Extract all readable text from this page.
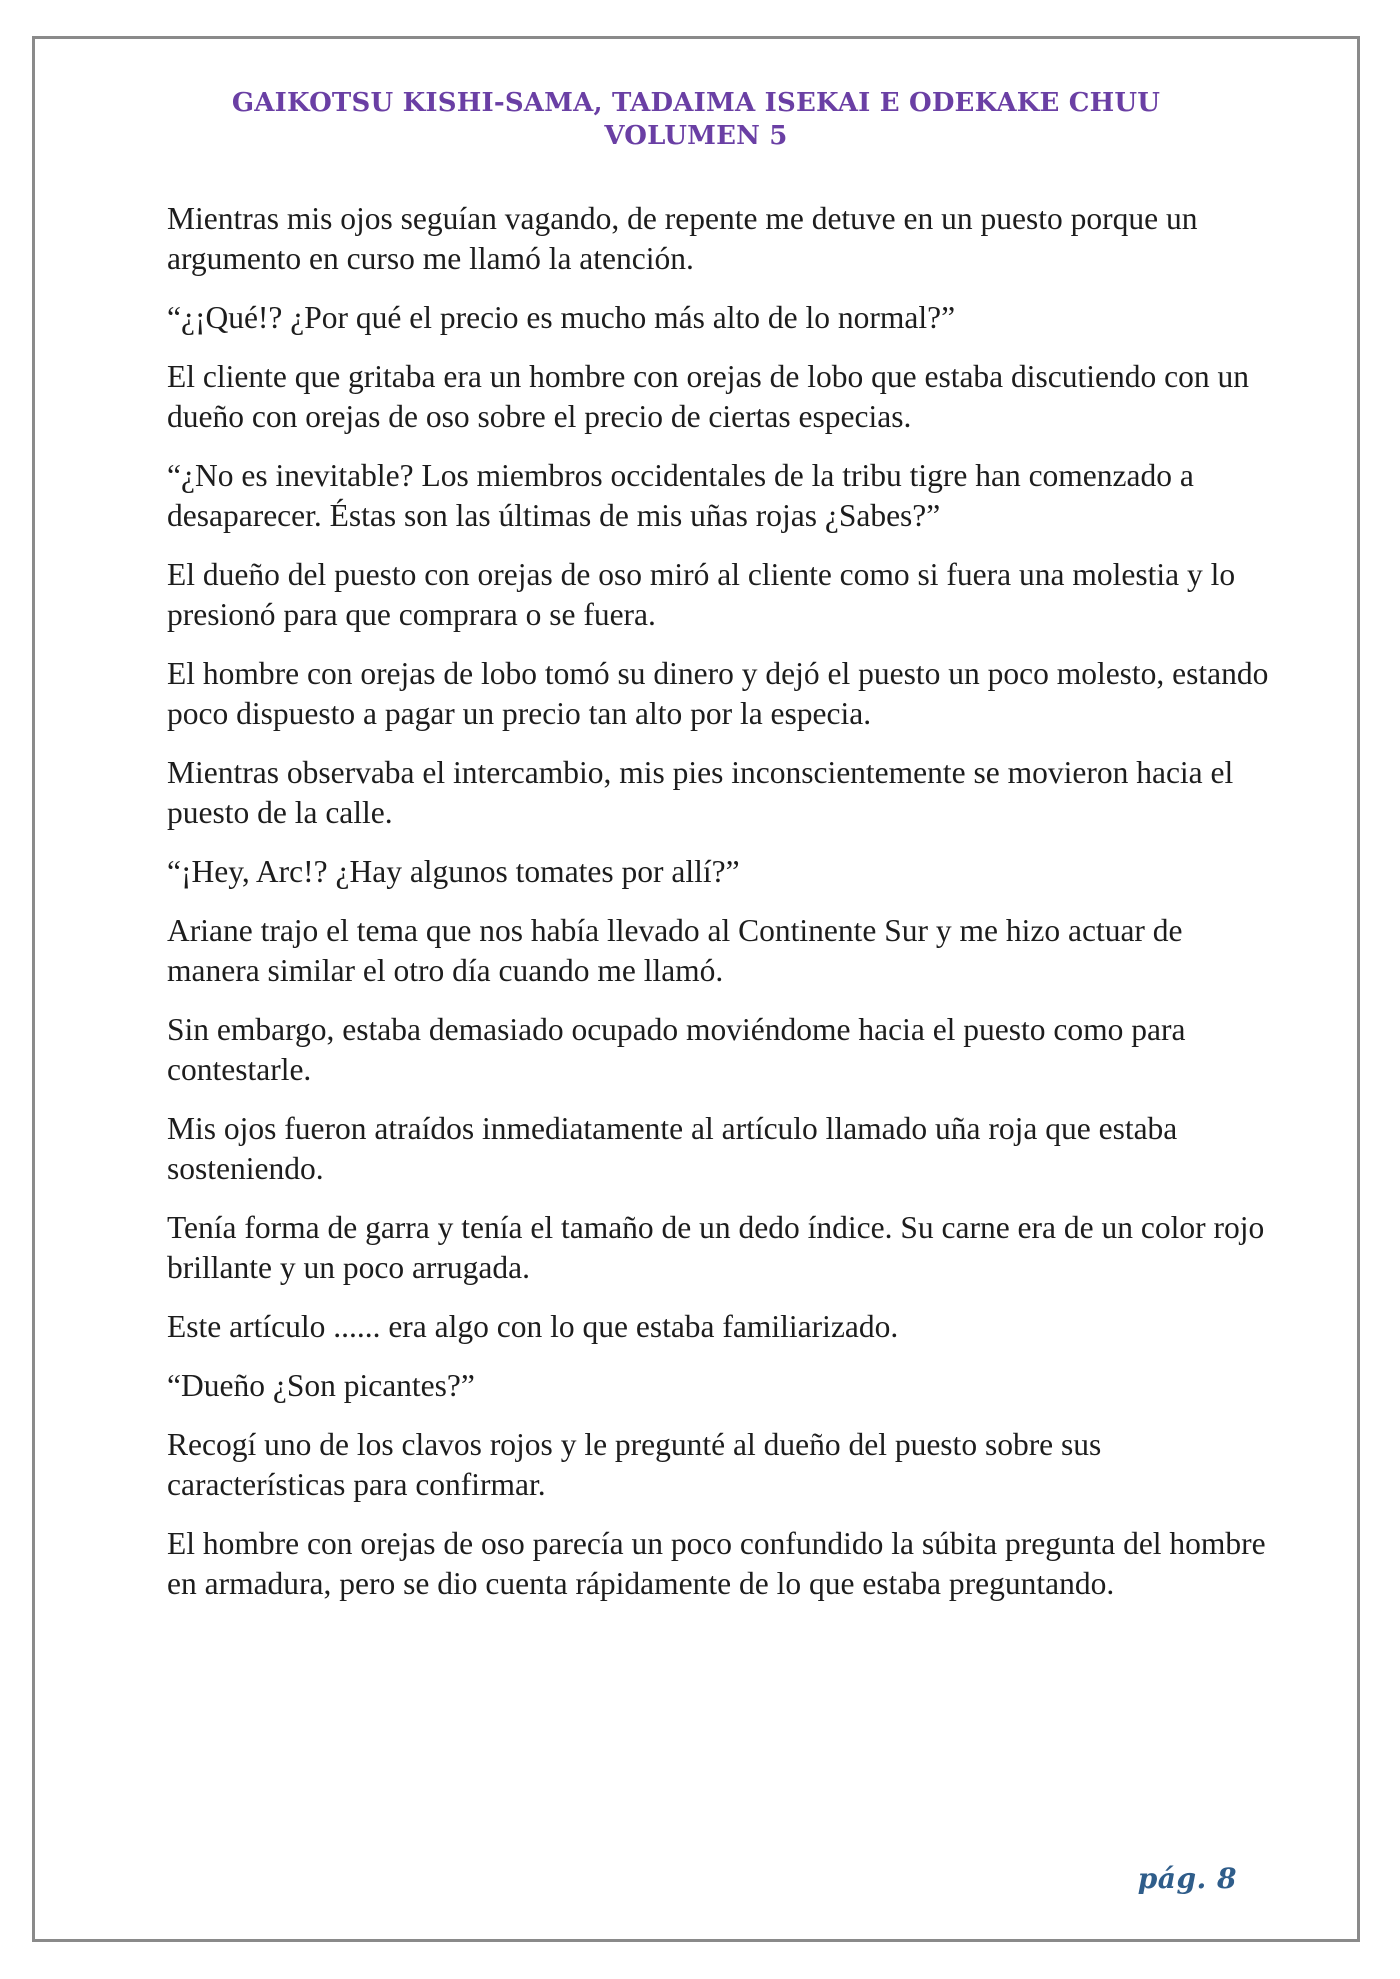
GAIKOTSU KISHI-SAMA, TADAIMA ISEKAI E ODEKAKE CHUU
VOLUMEN 5

Mientras mis ojos seguían vagando, de repente me detuve en un puesto porque un argumento en curso me llamó la atención.

“¿¡Qué!? ¿Por qué el precio es mucho más alto de lo normal?”

El cliente que gritaba era un hombre con orejas de lobo que estaba discutiendo con un dueño con orejas de oso sobre el precio de ciertas especias.

“¿No es inevitable? Los miembros occidentales de la tribu tigre han comenzado a desaparecer. Éstas son las últimas de mis uñas rojas ¿Sabes?”

El dueño del puesto con orejas de oso miró al cliente como si fuera una molestia y lo presionó para que comprara o se fuera.

El hombre con orejas de lobo tomó su dinero y dejó el puesto un poco molesto, estando poco dispuesto a pagar un precio tan alto por la especia.

Mientras observaba el intercambio, mis pies inconscientemente se movieron hacia el puesto de la calle.

“¡Hey, Arc!? ¿Hay algunos tomates por allí?”

Ariane trajo el tema que nos había llevado al Continente Sur y me hizo actuar de manera similar el otro día cuando me llamó.

Sin embargo, estaba demasiado ocupado moviéndome hacia el puesto como para contestarle.

Mis ojos fueron atraídos inmediatamente al artículo llamado uña roja que estaba sosteniendo.

Tenía forma de garra y tenía el tamaño de un dedo índice. Su carne era de un color rojo brillante y un poco arrugada.

Este artículo ...... era algo con lo que estaba familiarizado.

“Dueño ¿Son picantes?”

Recogí uno de los clavos rojos y le pregunté al dueño del puesto sobre sus características para confirmar.

El hombre con orejas de oso parecía un poco confundido la súbita pregunta del hombre en armadura, pero se dio cuenta rápidamente de lo que estaba preguntando.

pág. 8
